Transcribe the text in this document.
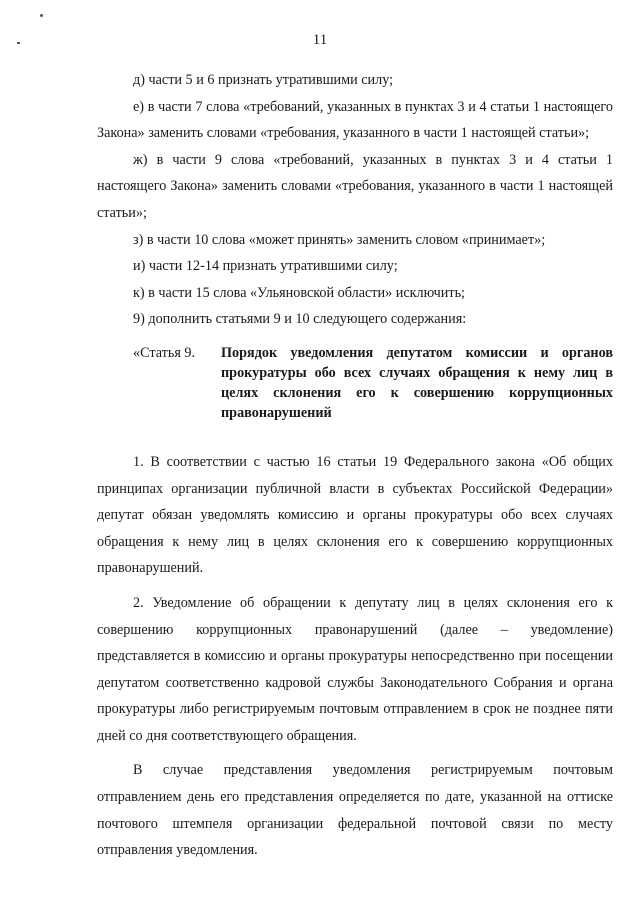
11

д) части 5 и 6 признать утратившими силу;

е) в части 7 слова «требований, указанных в пунктах 3 и 4 статьи 1 настоящего Закона» заменить словами «требования, указанного в части 1 настоящей статьи»;

ж) в части 9 слова «требований, указанных в пунктах 3 и 4 статьи 1 настоящего Закона» заменить словами «требования, указанного в части 1 настоящей статьи»;

з) в части 10 слова «может принять» заменить словом «принимает»;

и) части 12-14 признать утратившими силу;

к) в части 15 слова «Ульяновской области» исключить;

9) дополнить статьями 9 и 10 следующего содержания:

«Статья 9.	Порядок уведомления депутатом комиссии и органов прокуратуры обо всех случаях обращения к нему лиц в целях склонения его к совершению коррупционных правонарушений

1. В соответствии с частью 16 статьи 19 Федерального закона «Об общих принципах организации публичной власти в субъектах Российской Федерации» депутат обязан уведомлять комиссию и органы прокуратуры обо всех случаях обращения к нему лиц в целях склонения его к совершению коррупционных правонарушений.

2. Уведомление об обращении к депутату лиц в целях склонения его к совершению коррупционных правонарушений (далее – уведомление) представляется в комиссию и органы прокуратуры непосредственно при посещении депутатом соответственно кадровой службы Законодательного Собрания и органа прокуратуры либо регистрируемым почтовым отправлением в срок не позднее пяти дней со дня соответствующего обращения.

В случае представления уведомления регистрируемым почтовым отправлением день его представления определяется по дате, указанной на оттиске почтового штемпеля организации федеральной почтовой связи по месту отправления уведомления.
